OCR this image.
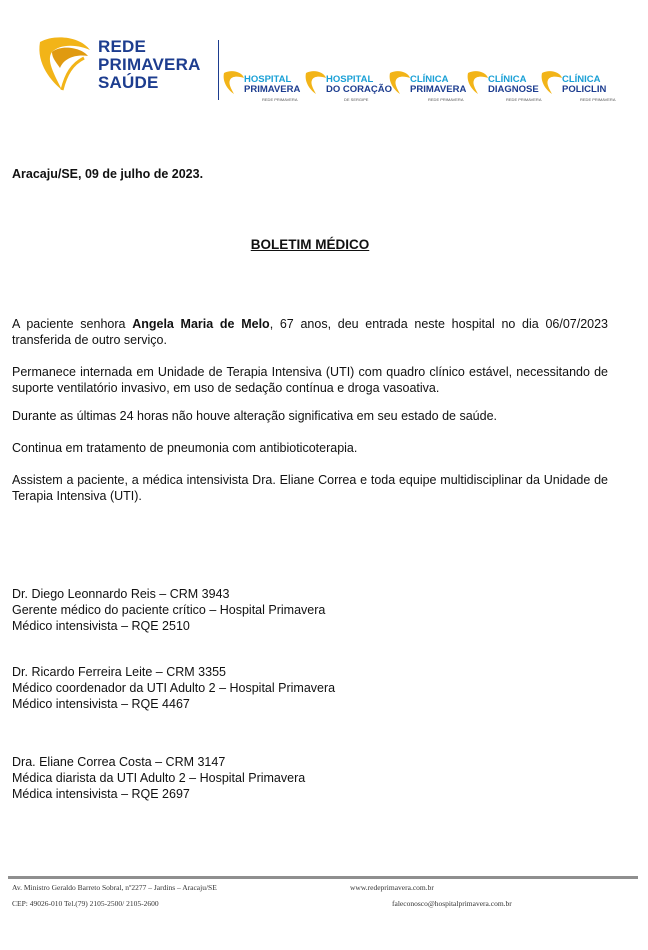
REDE
PRIMAVERA
SAÚDE	HOSPITAL
PRIMAVERA
REDE PRIMAVERA
HOSPITAL
DO CORAÇÃO
DE SERGIPE
CLÍNICA
PRIMAVERA
REDE PRIMAVERA
CLÍNICA
DIAGNOSE
REDE PRIMAVERA
CLÍNICA
POLICLIN
REDE PRIMAVERA
Aracaju/SE, 09 de julho de 2023.
BOLETIM MÉDICO

A paciente senhora Angela Maria de Melo, 67 anos, deu entrada neste hospital no dia 06/07/2023 transferida de outro serviço.

Permanece internada em Unidade de Terapia Intensiva (UTI) com quadro clínico estável, necessitando de suporte ventilatório invasivo, em uso de sedação contínua e droga vasoativa.

Durante as últimas 24 horas não houve alteração significativa em seu estado de saúde.

Continua em tratamento de pneumonia com antibioticoterapia.

Assistem a paciente, a médica intensivista Dra. Eliane Correa e toda equipe multidisciplinar da Unidade de Terapia Intensiva (UTI).

Dr. Diego Leonnardo Reis – CRM 3943
Gerente médico do paciente crítico – Hospital Primavera
Médico intensivista – RQE 2510
Dr. Ricardo Ferreira Leite – CRM 3355
Médico coordenador da UTI Adulto 2 – Hospital Primavera
Médico intensivista – RQE 4467
Dra. Eliane Correa Costa – CRM 3147
Médica diarista da UTI Adulto 2 – Hospital Primavera
Médica intensivista – RQE 2697
Av. Ministro Geraldo Barreto Sobral, nº2277 – Jardins – Aracaju/SE
CEP: 49026-010 Tel.(79) 2105-2500/ 2105-2600
www.redeprimavera.com.br
faleconosco@hospitalprimavera.com.br
